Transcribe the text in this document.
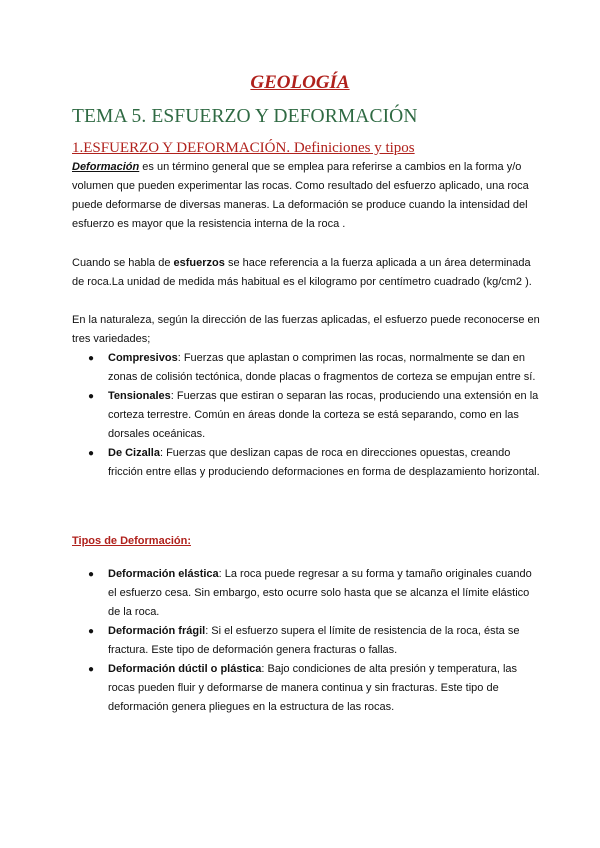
GEOLOGÍA
TEMA 5. ESFUERZO Y DEFORMACIÓN
1.ESFUERZO Y DEFORMACIÓN. Definiciones y tipos
Deformación es un término general que se emplea para referirse a cambios en la forma y/o volumen que pueden experimentar las rocas. Como resultado del esfuerzo aplicado, una roca puede deformarse de diversas maneras. La deformación se produce cuando la intensidad del esfuerzo es mayor que la resistencia interna de la roca .
Cuando se habla de esfuerzos se hace referencia a la fuerza aplicada a un área determinada de roca.La unidad de medida más habitual es el kilogramo por centímetro cuadrado (kg/cm2 ).
En la naturaleza, según la dirección de las fuerzas aplicadas, el esfuerzo puede reconocerse en tres variedades;
● Compresivos: Fuerzas que aplastan o comprimen las rocas, normalmente se dan en zonas de colisión tectónica, donde placas o fragmentos de corteza se empujan entre sí.
● Tensionales: Fuerzas que estiran o separan las rocas, produciendo una extensión en la corteza terrestre. Común en áreas donde la corteza se está separando, como en las dorsales oceánicas.
● De Cizalla: Fuerzas que deslizan capas de roca en direcciones opuestas, creando fricción entre ellas y produciendo deformaciones en forma de desplazamiento horizontal.
Tipos de Deformación:
● Deformación elástica: La roca puede regresar a su forma y tamaño originales cuando el esfuerzo cesa. Sin embargo, esto ocurre solo hasta que se alcanza el límite elástico de la roca.
● Deformación frágil: Si el esfuerzo supera el límite de resistencia de la roca, ésta se fractura. Este tipo de deformación genera fracturas o fallas.
● Deformación dúctil o plástica: Bajo condiciones de alta presión y temperatura, las rocas pueden fluir y deformarse de manera continua y sin fracturas. Este tipo de deformación genera pliegues en la estructura de las rocas.
